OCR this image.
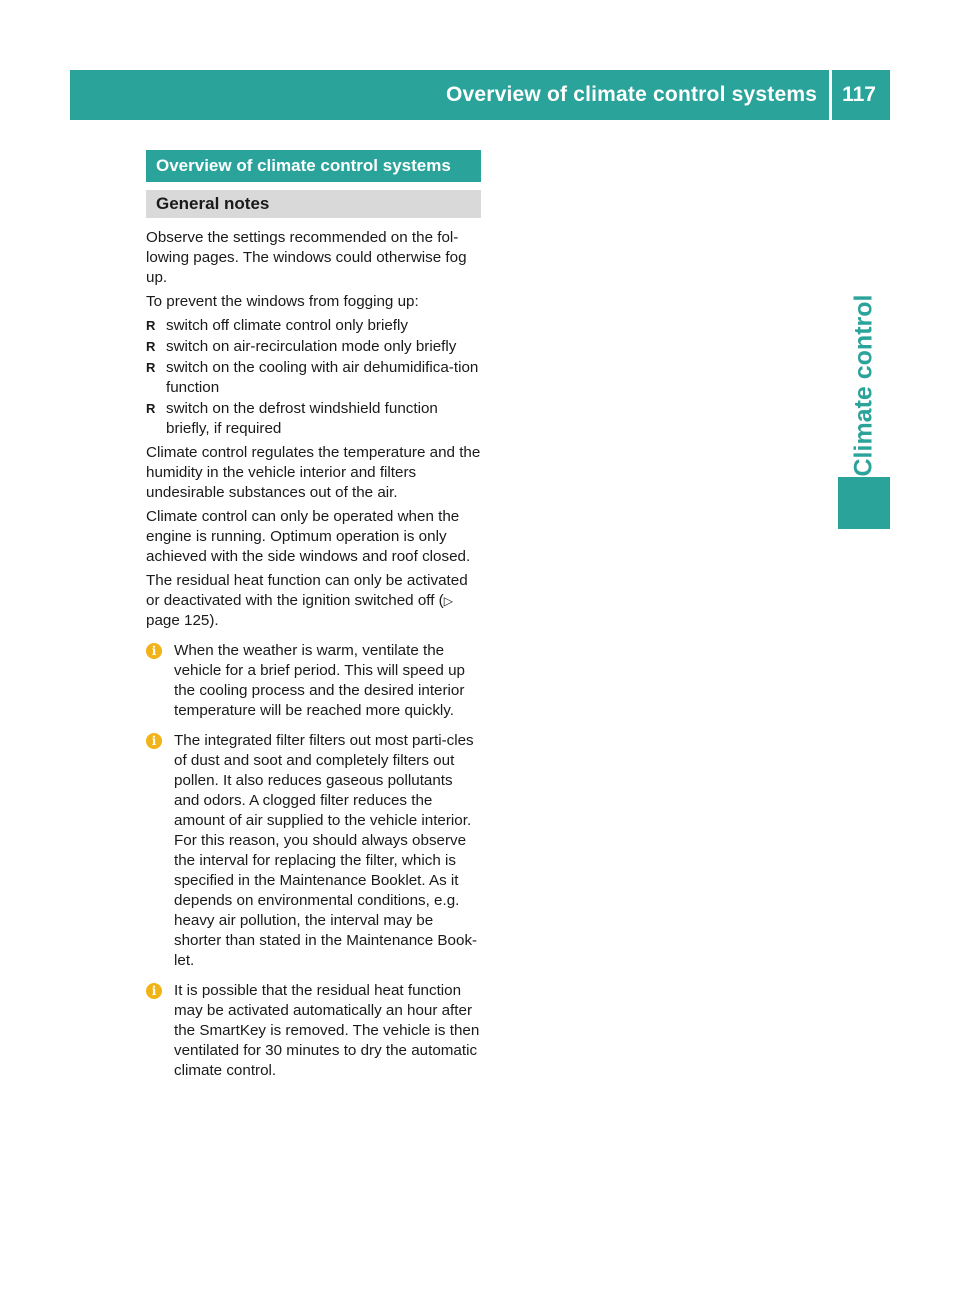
Overview of climate control systems	117
Climate control
Overview of climate control systems
General notes

Observe the settings recommended on the fol-lowing pages. The windows could otherwise fog up.

To prevent the windows from fogging up:

R switch off climate control only briefly
R switch on air-recirculation mode only briefly
R switch on the cooling with air dehumidifica-tion function
R switch on the defrost windshield function briefly, if required

Climate control regulates the temperature and the humidity in the vehicle interior and filters undesirable substances out of the air.

Climate control can only be operated when the engine is running. Optimum operation is only achieved with the side windows and roof closed.

The residual heat function can only be activated or deactivated with the ignition switched off (▷ page 125).

i	When the weather is warm, ventilate the vehicle for a brief period. This will speed up the cooling process and the desired interior temperature will be reached more quickly.
i	The integrated filter filters out most parti-cles of dust and soot and completely filters out pollen. It also reduces gaseous pollutants and odors. A clogged filter reduces the amount of air supplied to the vehicle interior. For this reason, you should always observe the interval for replacing the filter, which is specified in the Maintenance Booklet. As it depends on environmental conditions, e.g. heavy air pollution, the interval may be shorter than stated in the Maintenance Book-let.
i	It is possible that the residual heat function may be activated automatically an hour after the SmartKey is removed. The vehicle is then ventilated for 30 minutes to dry the automatic climate control.
